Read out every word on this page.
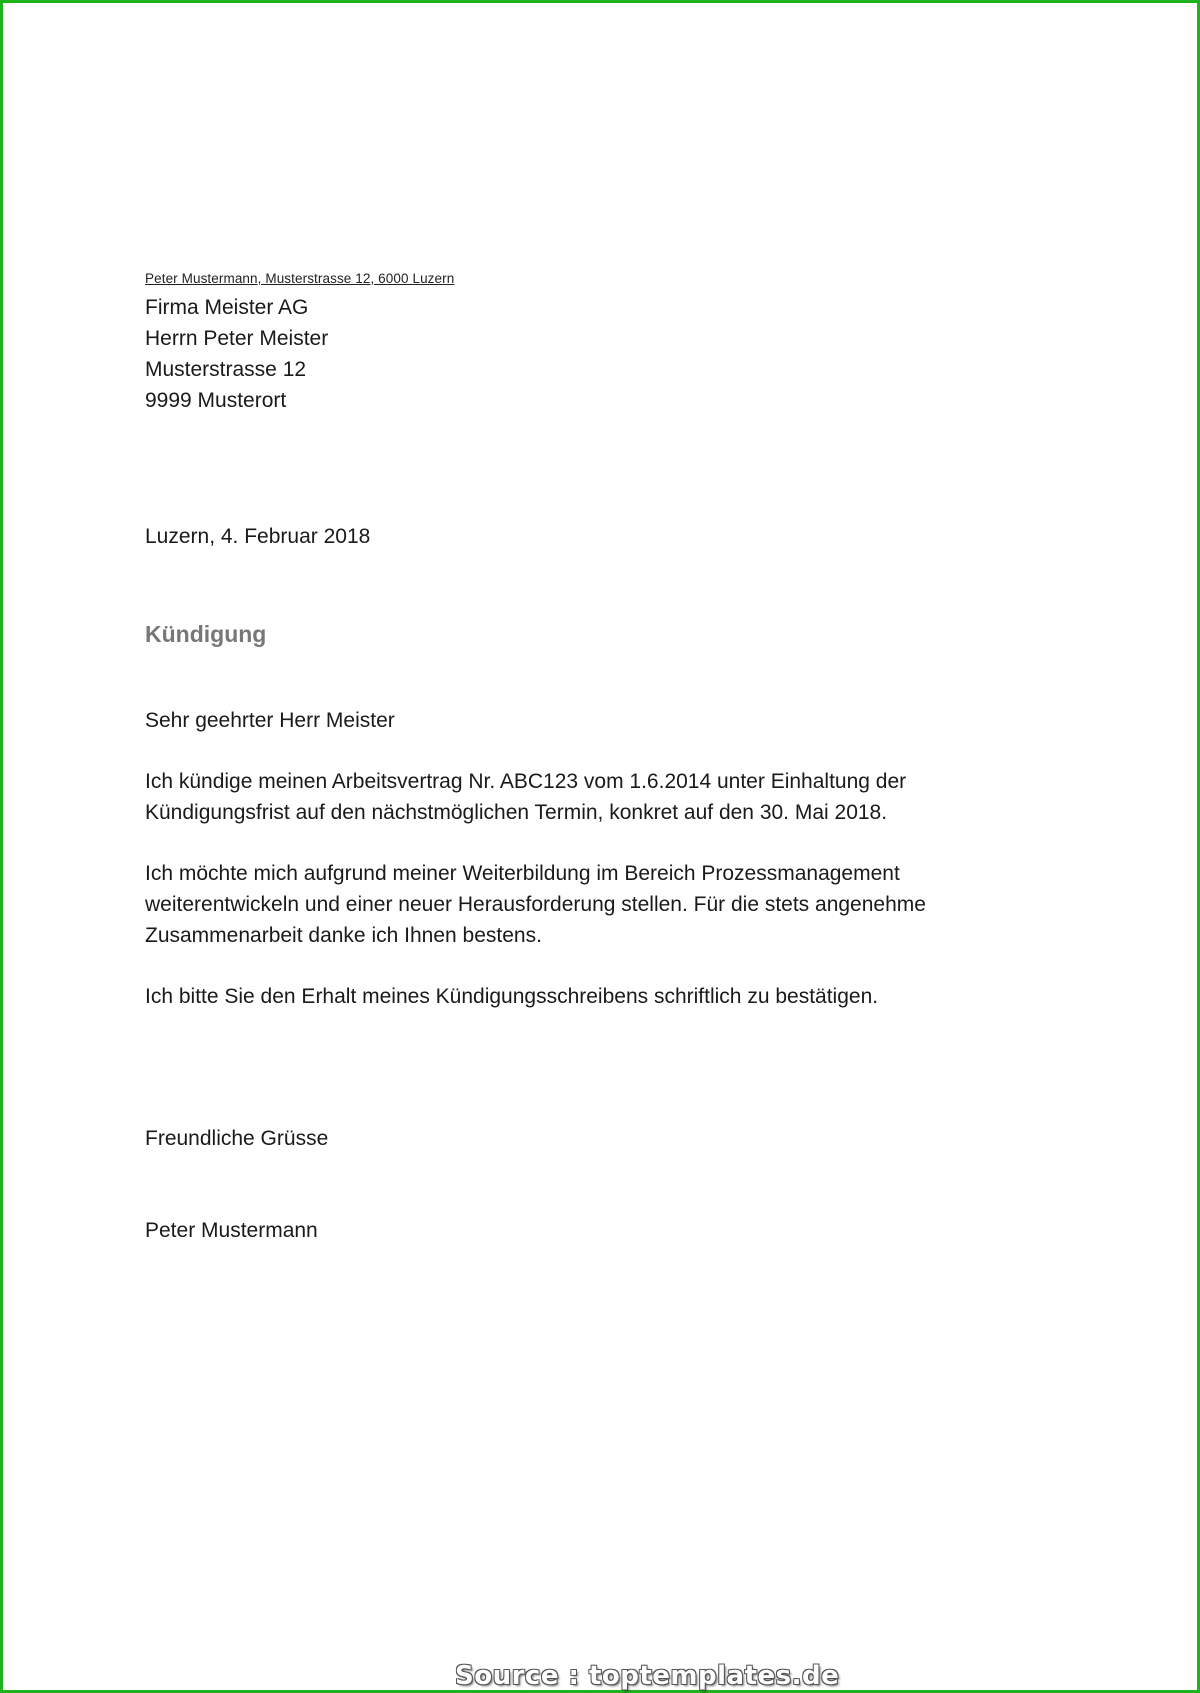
Peter Mustermann, Musterstrasse 12, 6000 Luzern
Firma Meister AG
Herrn Peter Meister
Musterstrasse 12
9999 Musterort
Luzern, 4. Februar 2018
Kündigung

Sehr geehrter Herr Meister

Ich kündige meinen Arbeitsvertrag Nr. ABC123 vom 1.6.2014 unter Einhaltung der Kündigungsfrist auf den nächstmöglichen Termin, konkret auf den 30. Mai 2018.

Ich möchte mich aufgrund meiner Weiterbildung im Bereich Prozessmanagement weiterentwickeln und einer neuer Herausforderung stellen. Für die stets angenehme Zusammenarbeit danke ich Ihnen bestens.

Ich bitte Sie den Erhalt meines Kündigungsschreibens schriftlich zu bestätigen.

Freundliche Grüsse
Peter Mustermann
Source : toptemplates.de
